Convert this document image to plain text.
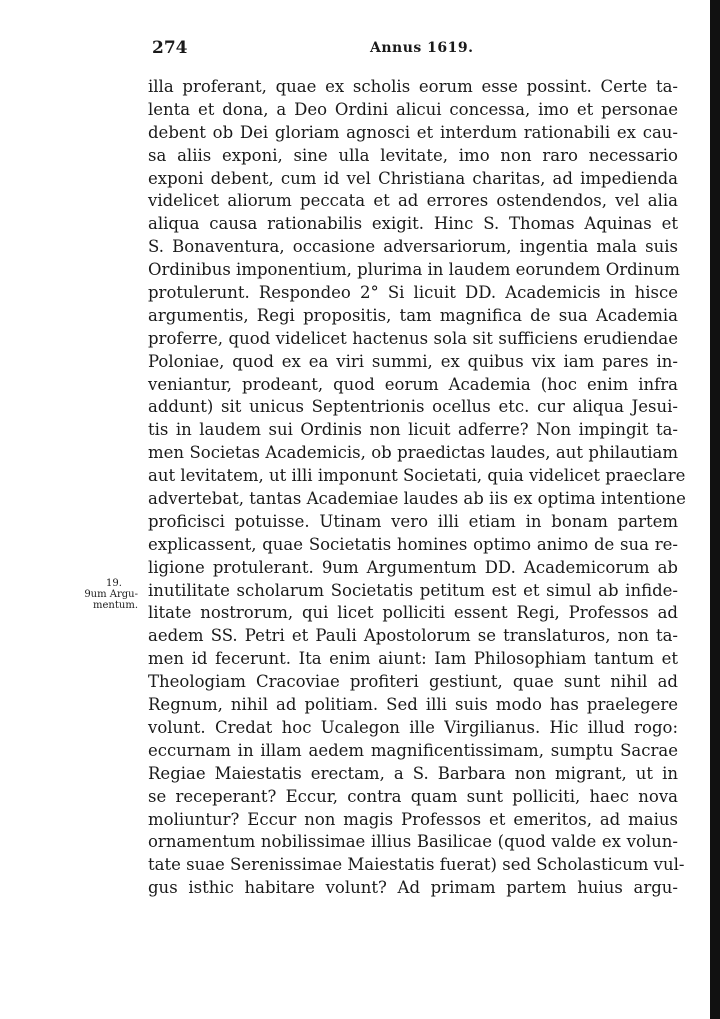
274	Annus 1619.
19.
9um Argu-
mentum.
illa proferant, quae ex scholis eorum esse possint. Certe ta-
lenta et dona, a Deo Ordini alicui concessa, imo et personae
debent ob Dei gloriam agnosci et interdum rationabili ex cau-
sa aliis exponi, sine ulla levitate, imo non raro necessario
exponi debent, cum id vel Christiana charitas, ad impedienda
videlicet aliorum peccata et ad errores ostendendos, vel alia
aliqua causa rationabilis exigit. Hinc S. Thomas Aquinas et
S. Bonaventura, occasione adversariorum, ingentia mala suis
Ordinibus imponentium, plurima in laudem eorundem Ordinum
protulerunt. Respondeo 2° Si licuit DD. Academicis in hisce
argumentis, Regi propositis, tam magnifica de sua Academia
proferre, quod videlicet hactenus sola sit sufficiens erudiendae
Poloniae, quod ex ea viri summi, ex quibus vix iam pares in-
veniantur, prodeant, quod eorum Academia (hoc enim infra
addunt) sit unicus Septentrionis ocellus etc. cur aliqua Jesui-
tis in laudem sui Ordinis non licuit adferre? Non impingit ta-
men Societas Academicis, ob praedictas laudes, aut philautiam
aut levitatem, ut illi imponunt Societati, quia videlicet praeclare
advertebat, tantas Academiae laudes ab iis ex optima intentione
proficisci potuisse. Utinam vero illi etiam in bonam partem
explicassent, quae Societatis homines optimo animo de sua re-
ligione protulerant. 9um Argumentum DD. Academicorum ab
inutilitate scholarum Societatis petitum est et simul ab infide-
litate nostrorum, qui licet polliciti essent Regi, Professos ad
aedem SS. Petri et Pauli Apostolorum se translaturos, non ta-
men id fecerunt. Ita enim aiunt: Iam Philosophiam tantum et
Theologiam Cracoviae profiteri gestiunt, quae sunt nihil ad
Regnum, nihil ad politiam. Sed illi suis modo has praelegere
volunt. Credat hoc Ucalegon ille Virgilianus. Hic illud rogo:
eccurnam in illam aedem magnificentissimam, sumptu Sacrae
Regiae Maiestatis erectam, a S. Barbara non migrant, ut in
se receperant? Eccur, contra quam sunt polliciti, haec nova
moliuntur? Eccur non magis Professos et emeritos, ad maius
ornamentum nobilissimae illius Basilicae (quod valde ex volun-
tate suae Serenissimae Maiestatis fuerat) sed Scholasticum vul-
gus isthic habitare volunt? Ad primam partem huius argu-
